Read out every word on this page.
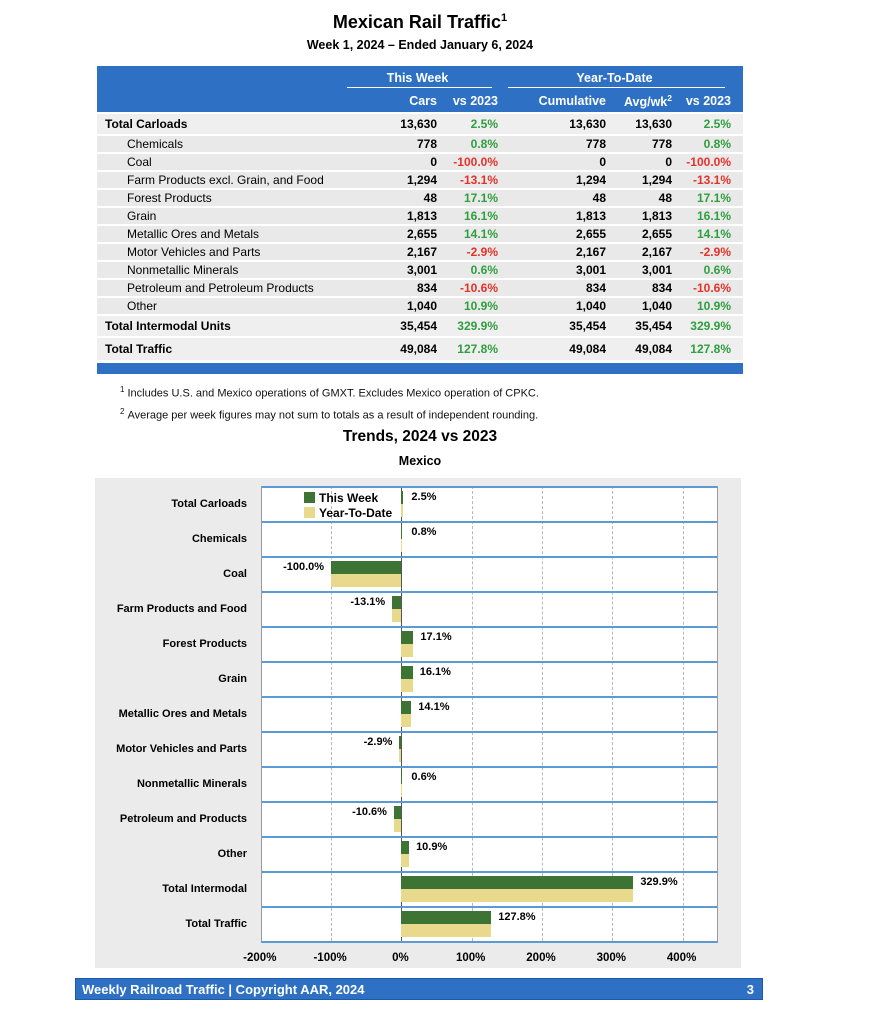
Mexican Rail Traffic$^1$
Week 1, 2024 – Ended January 6, 2024
This Week	Year-To-Date
Cars	vs 2023	Cumulative	Avg/$wk^2$	vs 2023
Total Carloads	13,630	2.5%	13,630	13,630	2.5%
Chemicals	778	0.8%	778	778	0.8%
Coal	0	-100.0%	0	0	-100.0%
Farm Products excl. Grain, and Food	1,294	-13.1%	1,294	1,294	-13.1%
Forest Products	48	17.1%	48	48	17.1%
Grain	1,813	16.1%	1,813	1,813	16.1%
Metallic Ores and Metals	2,655	14.1%	2,655	2,655	14.1%
Motor Vehicles and Parts	2,167	-2.9%	2,167	2,167	-2.9%
Nonmetallic Minerals	3,001	0.6%	3,001	3,001	0.6%
Petroleum and Petroleum Products	834	-10.6%	834	834	-10.6%
Other	1,040	10.9%	1,040	1,040	10.9%
Total Intermodal Units	35,454	329.9%	35,454	35,454	329.9%
Total Traffic	49,084	127.8%	49,084	49,084	127.8%
$^1$ Includes U.S. and Mexico operations of GMXT. Excludes Mexico operation of CPKC.
$^2$ Average per week figures may not sum to totals as a result of independent rounding.
Trends, 2024 vs 2023
Mexico
This Week
Year-To-Date
2.5%
0.8%
-100.0%
-13.1%
17.1%
16.1%
14.1%
-2.9%
0.6%
-10.6%
10.9%
329.9%
127.8%
Total Carloads
Chemicals
Coal
Farm Products and Food
Forest Products
Grain
Metallic Ores and Metals
Motor Vehicles and Parts
Nonmetallic Minerals
Petroleum and Products
Other
Total Intermodal
Total Traffic
-200%	-100%	0%	100%	200%	300%	400%
Weekly Railroad Traffic | Copyright AAR, 2024	3
